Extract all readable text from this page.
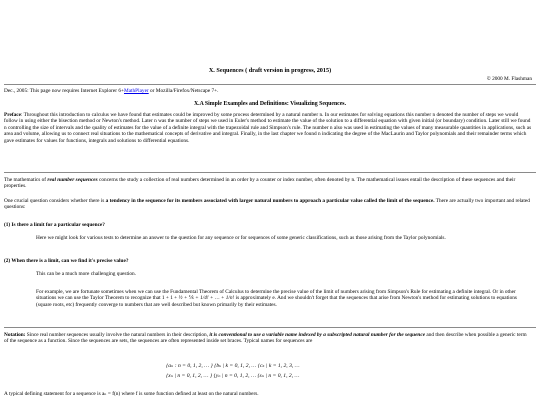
X. Sequences ( draft version in progress, 2015)
© 2000 M. Flashman
Dec., 2005: This page now requires Internet Explorer 6+MathPlayer or Mozilla/Firefox/Netscape 7+.
X.A Simple Examples and Definitions: Visualizing Sequences.
Preface: Throughout this introduction to calculus we have found that estimates could be improved by some process determined by a natural number n. In our estimates for solving equations this number n denoted the number of steps we would follow in using either the bisection method or Newton's method. Later n was the number of steps we used in Euler's method to estimate the value of the solution to a differential equation with given initial (or boundary) condition. Later still we found n controlling the size of intervals and the quality of estimates for the value of a definite integral with the trapezoidal rule and Simpson's rule. The number n also was used in estimating the values of many measurable quantities in applications, such as area and volume, allowing us to connect real situations to the mathematical concepts of derivative and integral. Finally, in the last chapter we found n indicating the degree of the MacLaurin and Taylor polynomials and their remainder terms which gave estimates for values for functions, integrals and solutions to differential equations.
The mathematics of real number sequences concerns the study a collection of real numbers determined in an order by a counter or index number, often denoted by n. The mathematical issues entail the description of these sequences and their properties.
One crucial question considers whether there is a tendency in the sequence for its members associated with larger natural numbers to approach a particular value called the limit of the sequence. There are actually two important and related questions:
(1) Is there a limit for a particular sequence?
Here we might look for various tests to determine an answer to the question for any sequence or for sequences of some generic classifications, such as those arising from the Taylor polynomials.
(2) When there is a limit, can we find it's precise value?
This can be a much more challenging question.
For example, we are fortunate sometimes when we can use the Fundamental Theorem of Calculus to determine the precise value of the limit of numbers arising from Simpson's Rule for estimating a definite integral. Or in other situations we can use the Taylor Theorem to recognize that 1 + 1 + ½ + ⅙ + 1/4! + … + 1/n! is approximately e. And we shouldn't forget that the sequences that arise from Newton's method for estimating solutions to equations (square roots, etc) frequently converge to numbers that are well described but known primarily by their estimates.
Notation: Since real number sequences usually involve the natural numbers in their description, it is conventional to use a variable name indexed by a subscripted natural number for the sequence and then describe when possible a generic term of the sequence as a function. Since the sequences are sets, the sequences are often represented inside set braces. Typical names for sequences are
{aₙ : n = 0, 1, 2, … } {bₖ | k = 0, 1, 2, … {cₖ | k = 1, 2, 3, …
{xₙ | n = 0, 1, 2, … } {yₙ | n = 0, 1, 2, … {sₙ | n = 0, 1, 2, …
A typical defining statement for a sequence is aₙ = f(n) where f is some function defined at least on the natural numbers.
